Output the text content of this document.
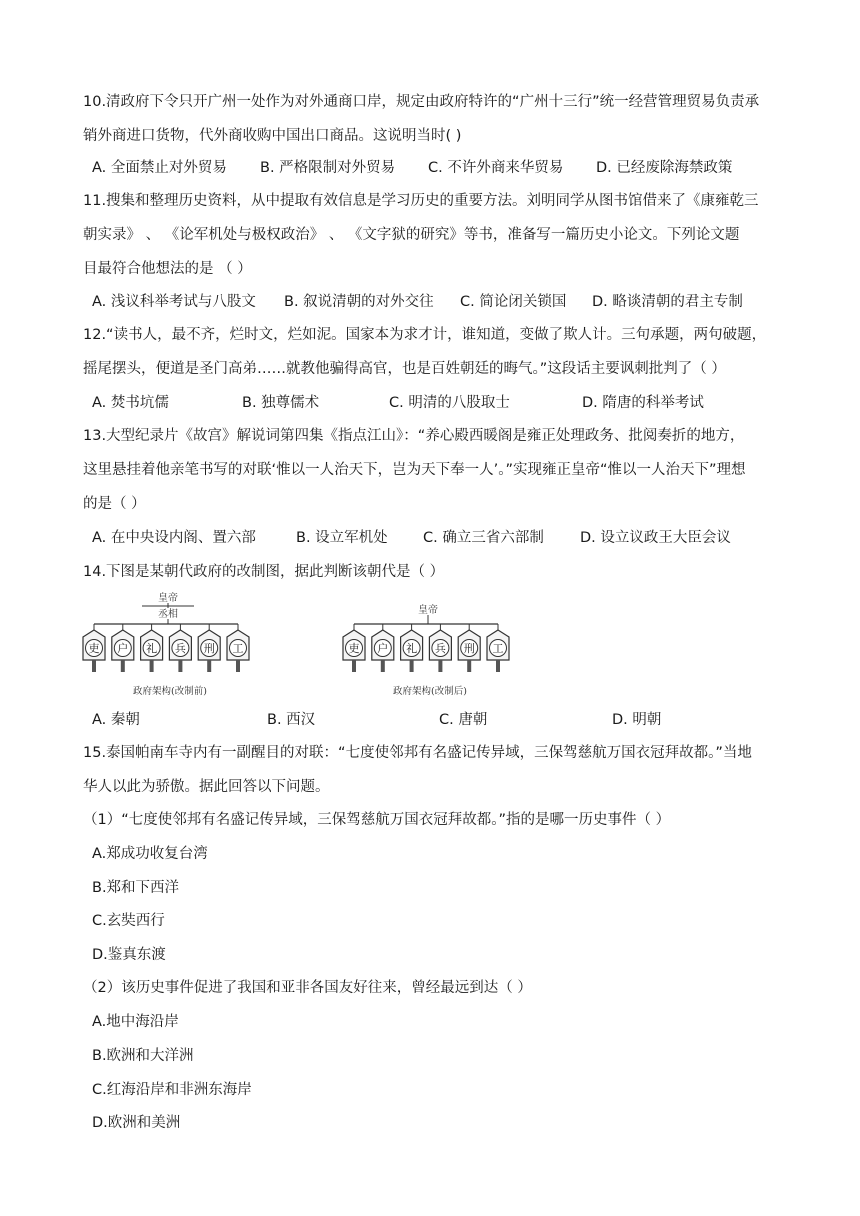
10.清政府下令只开广州一处作为对外通商口岸，规定由政府特许的“广州十三行”统一经营管理贸易负责承
销外商进口货物，代外商收购中国出口商品。这说明当时( )
A. 全面禁止对外贸易 B. 严格限制对外贸易 C. 不许外商来华贸易 D. 已经废除海禁政策
11.搜集和整理历史资料，从中提取有效信息是学习历史的重要方法。刘明同学从图书馆借来了《康雍乾三
朝实录》 、 《论军机处与极权政治》 、 《文字狱的研究》等书，准备写一篇历史小论文。下列论文题
目最符合他想法的是 （ ）
A. 浅议科举考试与八股文 B. 叙说清朝的对外交往 C. 简论闭关锁国 D. 略谈清朝的君主专制
12.“读书人，最不齐，烂时文，烂如泥。国家本为求才计，谁知道，变做了欺人计。三句承题，两句破题，
摇尾摆头，便道是圣门高弟……就教他骗得高官，也是百姓朝廷的晦气。”这段话主要讽刺批判了（ ）
A. 焚书坑儒	B. 独尊儒术	C. 明清的八股取士	D. 隋唐的科举考试
13.大型纪录片《故宫》解说词第四集《指点江山》：“养心殿西暖阁是雍正处理政务、批阅奏折的地方，
这里悬挂着他亲笔书写的对联‘惟以一人治天下，岂为天下奉一人’。”实现雍正皇帝“惟以一人治天下”理想
的是（ ）
A. 在中央设内阁、置六部	B. 设立军机处 C. 确立三省六部制 D. 设立议政王大臣会议
14.下图是某朝代政府的改制图，据此判断该朝代是（ ）
皇帝
丞相
吏 户 礼 兵 刑 工
政府架构(改制前)
皇帝
吏 户 礼 兵 刑 工
政府架构(改制后)
A. 秦朝	B. 西汉	C. 唐朝	D. 明朝
15.泰国帕南车寺内有一副醒目的对联：“七度使邻邦有名盛记传异域，三保驾慈航万国衣冠拜故都。”当地
华人以此为骄傲。据此回答以下问题。
（1）“七度使邻邦有名盛记传异域，三保驾慈航万国衣冠拜故都。”指的是哪一历史事件（ ）
A.郑成功收复台湾
B.郑和下西洋
C.玄奘西行
D.鉴真东渡
（2）该历史事件促进了我国和亚非各国友好往来，曾经最远到达（ ）
A.地中海沿岸
B.欧洲和大洋洲
C.红海沿岸和非洲东海岸
D.欧洲和美洲
